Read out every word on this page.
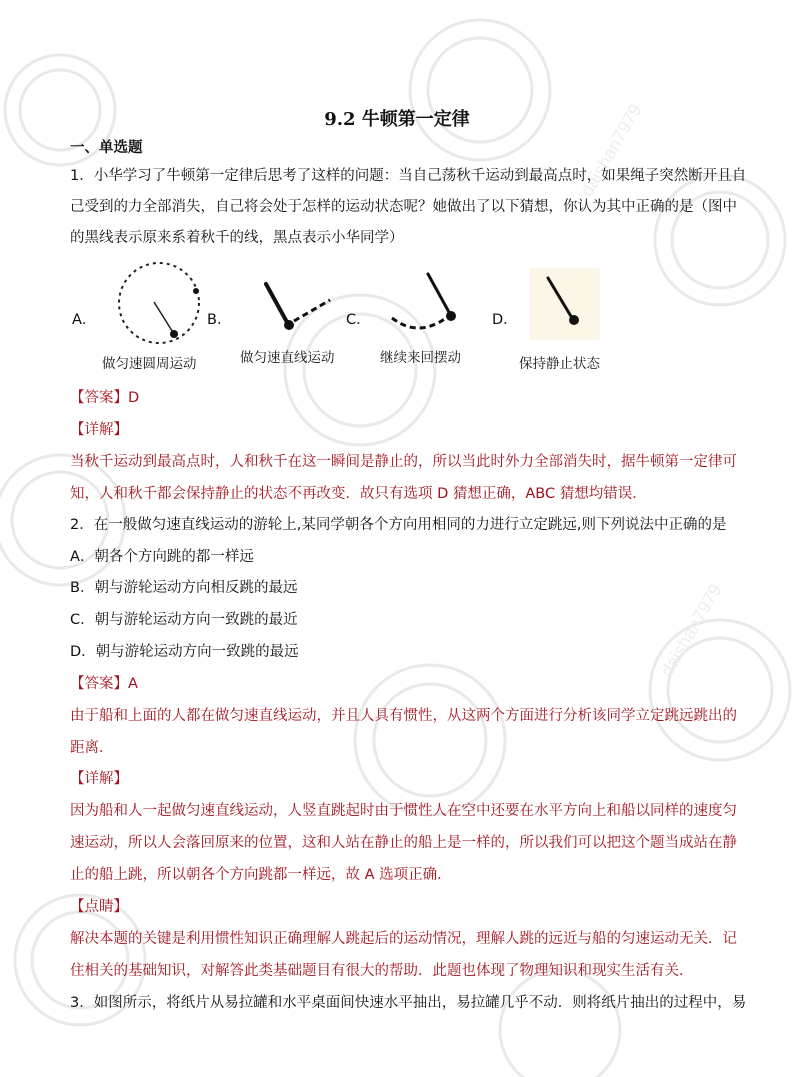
daishan7979
daishan7979
9.2 牛顿第一定律
一、单选题
1．小华学习了牛顿第一定律后思考了这样的问题：当自己荡秋千运动到最高点时，如果绳子突然断开且自
己受到的力全部消失，自己将会处于怎样的运动状态呢？她做出了以下猜想，你认为其中正确的是（图中
的黑线表示原来系着秋千的线，黑点表示小华同学）
A．
做匀速圆周运动
B．
做匀速直线运动
C．
继续来回摆动
D．
保持静止状态
【答案】D
【详解】
当秋千运动到最高点时，人和秋千在这一瞬间是静止的，所以当此时外力全部消失时，据牛顿第一定律可
知，人和秋千都会保持静止的状态不再改变．故只有选项 D 猜想正确，ABC 猜想均错误．
2．在一般做匀速直线运动的游轮上,某同学朝各个方向用相同的力进行立定跳远,则下列说法中正确的是
A．朝各个方向跳的都一样远
B．朝与游轮运动方向相反跳的最远
C．朝与游轮运动方向一致跳的最近
D．朝与游轮运动方向一致跳的最远
【答案】A
由于船和上面的人都在做匀速直线运动，并且人具有惯性，从这两个方面进行分析该同学立定跳远跳出的
距离．
【详解】
因为船和人一起做匀速直线运动，人竖直跳起时由于惯性人在空中还要在水平方向上和船以同样的速度匀
速运动，所以人会落回原来的位置，这和人站在静止的船上是一样的，所以我们可以把这个题当成站在静
止的船上跳，所以朝各个方向跳都一样远，故 A 选项正确．
【点睛】
解决本题的关键是利用惯性知识正确理解人跳起后的运动情况，理解人跳的远近与船的匀速运动无关．记
住相关的基础知识，对解答此类基础题目有很大的帮助．此题也体现了物理知识和现实生活有关．
3．如图所示，将纸片从易拉罐和水平桌面间快速水平抽出，易拉罐几乎不动．则将纸片抽出的过程中，易
